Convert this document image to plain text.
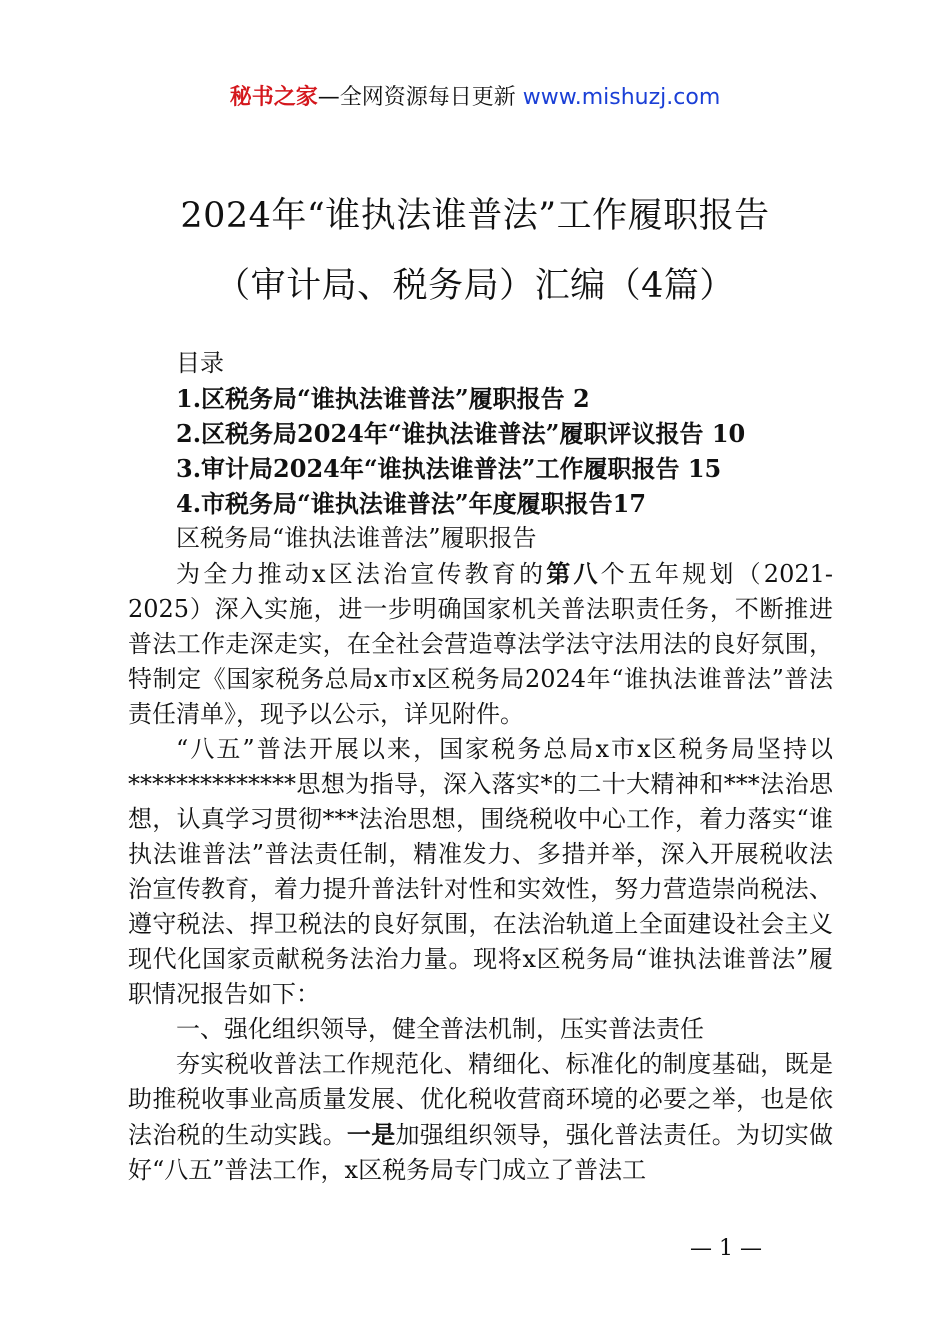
秘书之家—全网资源每日更新 www.mishuzj.com
2024年“谁执法谁普法”工作履职报告
（审计局、税务局）汇编（4篇）

目录

1.区税务局“谁执法谁普法”履职报告 2

2.区税务局2024年“谁执法谁普法”履职评议报告 10

3.审计局2024年“谁执法谁普法”工作履职报告 15

4.市税务局“谁执法谁普法”年度履职报告17

区税务局“谁执法谁普法”履职报告

为全力推动x区法治宣传教育的第八个五年规划（2021-2025）深入实施，进一步明确国家机关普法职责任务，不断推进普法工作走深走实，在全社会营造尊法学法守法用法的良好氛围，特制定《国家税务总局x市x区税务局2024年“谁执法谁普法”普法责任清单》，现予以公示，详见附件。

“八五”普法开展以来，国家税务总局x市x区税务局坚持以**************思想为指导，深入落实*的二十大精神和***法治思想，认真学习贯彻***法治思想，围绕税收中心工作，着力落实“谁执法谁普法”普法责任制，精准发力、多措并举，深入开展税收法治宣传教育，着力提升普法针对性和实效性，努力营造崇尚税法、遵守税法、捍卫税法的良好氛围，在法治轨道上全面建设社会主义现代化国家贡献税务法治力量。现将x区税务局“谁执法谁普法”履职情况报告如下：

一、强化组织领导，健全普法机制，压实普法责任

夯实税收普法工作规范化、精细化、标准化的制度基础，既是助推税收事业高质量发展、优化税收营商环境的必要之举，也是依法治税的生动实践。一是加强组织领导，强化普法责任。为切实做好“八五”普法工作，x区税务局专门成立了普法工

— 1 —
